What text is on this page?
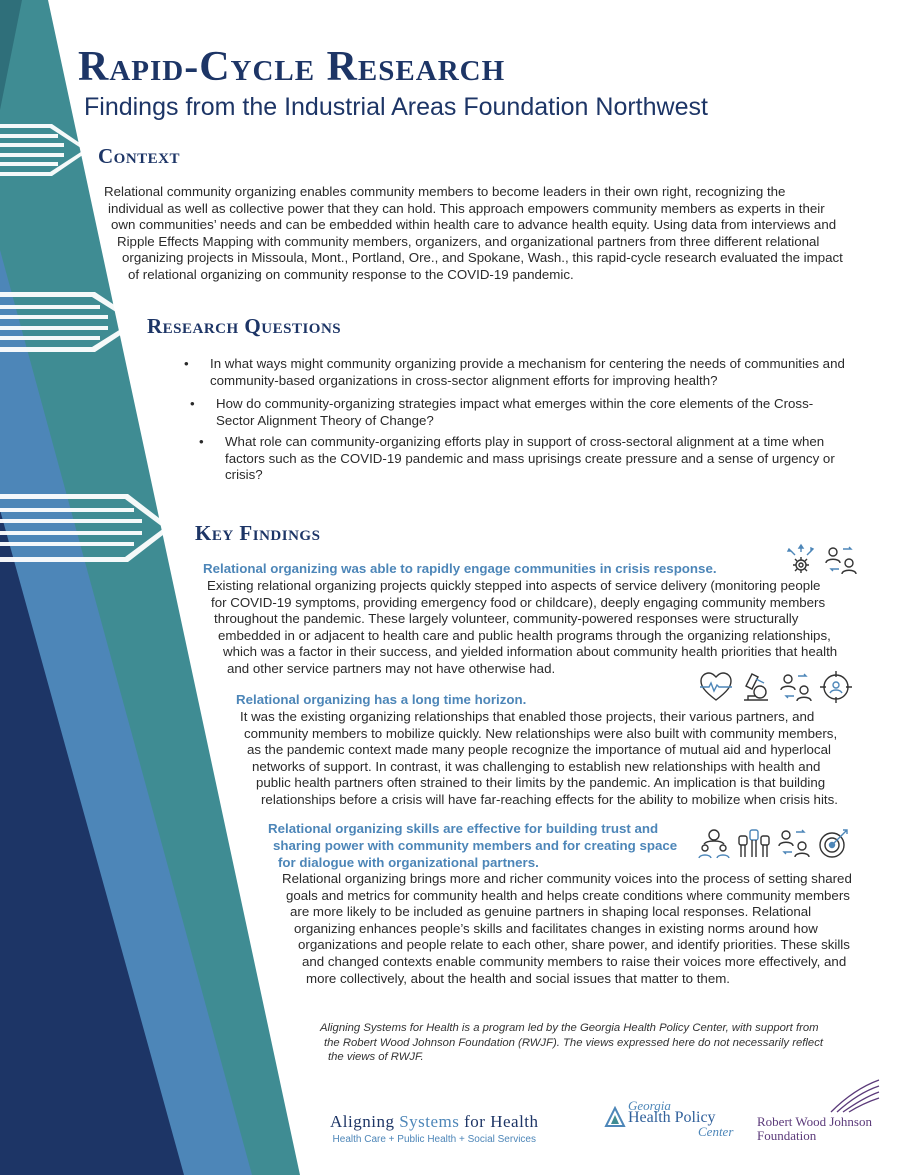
Rapid-Cycle Research
Findings from the Industrial Areas Foundation Northwest
Context

Relational community organizing enables community members to become leaders in their own right, recognizing the

individual as well as collective power that they can hold. This approach empowers community members as experts in their

own communities’ needs and can be embedded within health care to advance health equity. Using data from interviews and

Ripple Effects Mapping with community members, organizers, and organizational partners from three different relational

organizing projects in Missoula, Mont., Portland, Ore., and Spokane, Wash., this rapid-cycle research evaluated the impact

of relational organizing on community response to the COVID-19 pandemic.

Research Questions
• In what ways might community organizing provide a mechanism for centering the needs of communities and

community-based organizations in cross-sector alignment efforts for improving health?

• How do community-organizing strategies impact what emerges within the core elements of the Cross-

Sector Alignment Theory of Change?

• What role can community-organizing efforts play in support of cross-sectoral alignment at a time when

factors such as the COVID-19 pandemic and mass uprisings create pressure and a sense of urgency or

crisis?

Key Findings
Relational organizing was able to rapidly engage communities in crisis response.

Existing relational organizing projects quickly stepped into aspects of service delivery (monitoring people

for COVID-19 symptoms, providing emergency food or childcare), deeply engaging community members

throughout the pandemic. These largely volunteer, community-powered responses were structurally

embedded in or adjacent to health care and public health programs through the organizing relationships,

which was a factor in their success, and yielded information about community health priorities that health

and other service partners may not have otherwise had.

Relational organizing has a long time horizon.

It was the existing organizing relationships that enabled those projects, their various partners, and

community members to mobilize quickly. New relationships were also built with community members,

as the pandemic context made many people recognize the importance of mutual aid and hyperlocal

networks of support. In contrast, it was challenging to establish new relationships with health and

public health partners often strained to their limits by the pandemic. An implication is that building

relationships before a crisis will have far-reaching effects for the ability to mobilize when crisis hits.

Relational organizing skills are effective for building trust and
sharing power with community members and for creating space
for dialogue with organizational partners.

Relational organizing brings more and richer community voices into the process of setting shared

goals and metrics for community health and helps create conditions where community members

are more likely to be included as genuine partners in shaping local responses. Relational

organizing enhances people’s skills and facilitates changes in existing norms around how

organizations and people relate to each other, share power, and identify priorities. These skills

and changed contexts enable community members to raise their voices more effectively, and

more collectively, about the health and social issues that matter to them.

Aligning Systems for Health is a program led by the Georgia Health Policy Center, with support from

the Robert Wood Johnson Foundation (RWJF). The views expressed here do not necessarily reflect

the views of RWJF.

Aligning Systems for Health
Health Care + Public Health + Social Services
Georgia
Health Policy
Center
Robert Wood Johnson
Foundation
